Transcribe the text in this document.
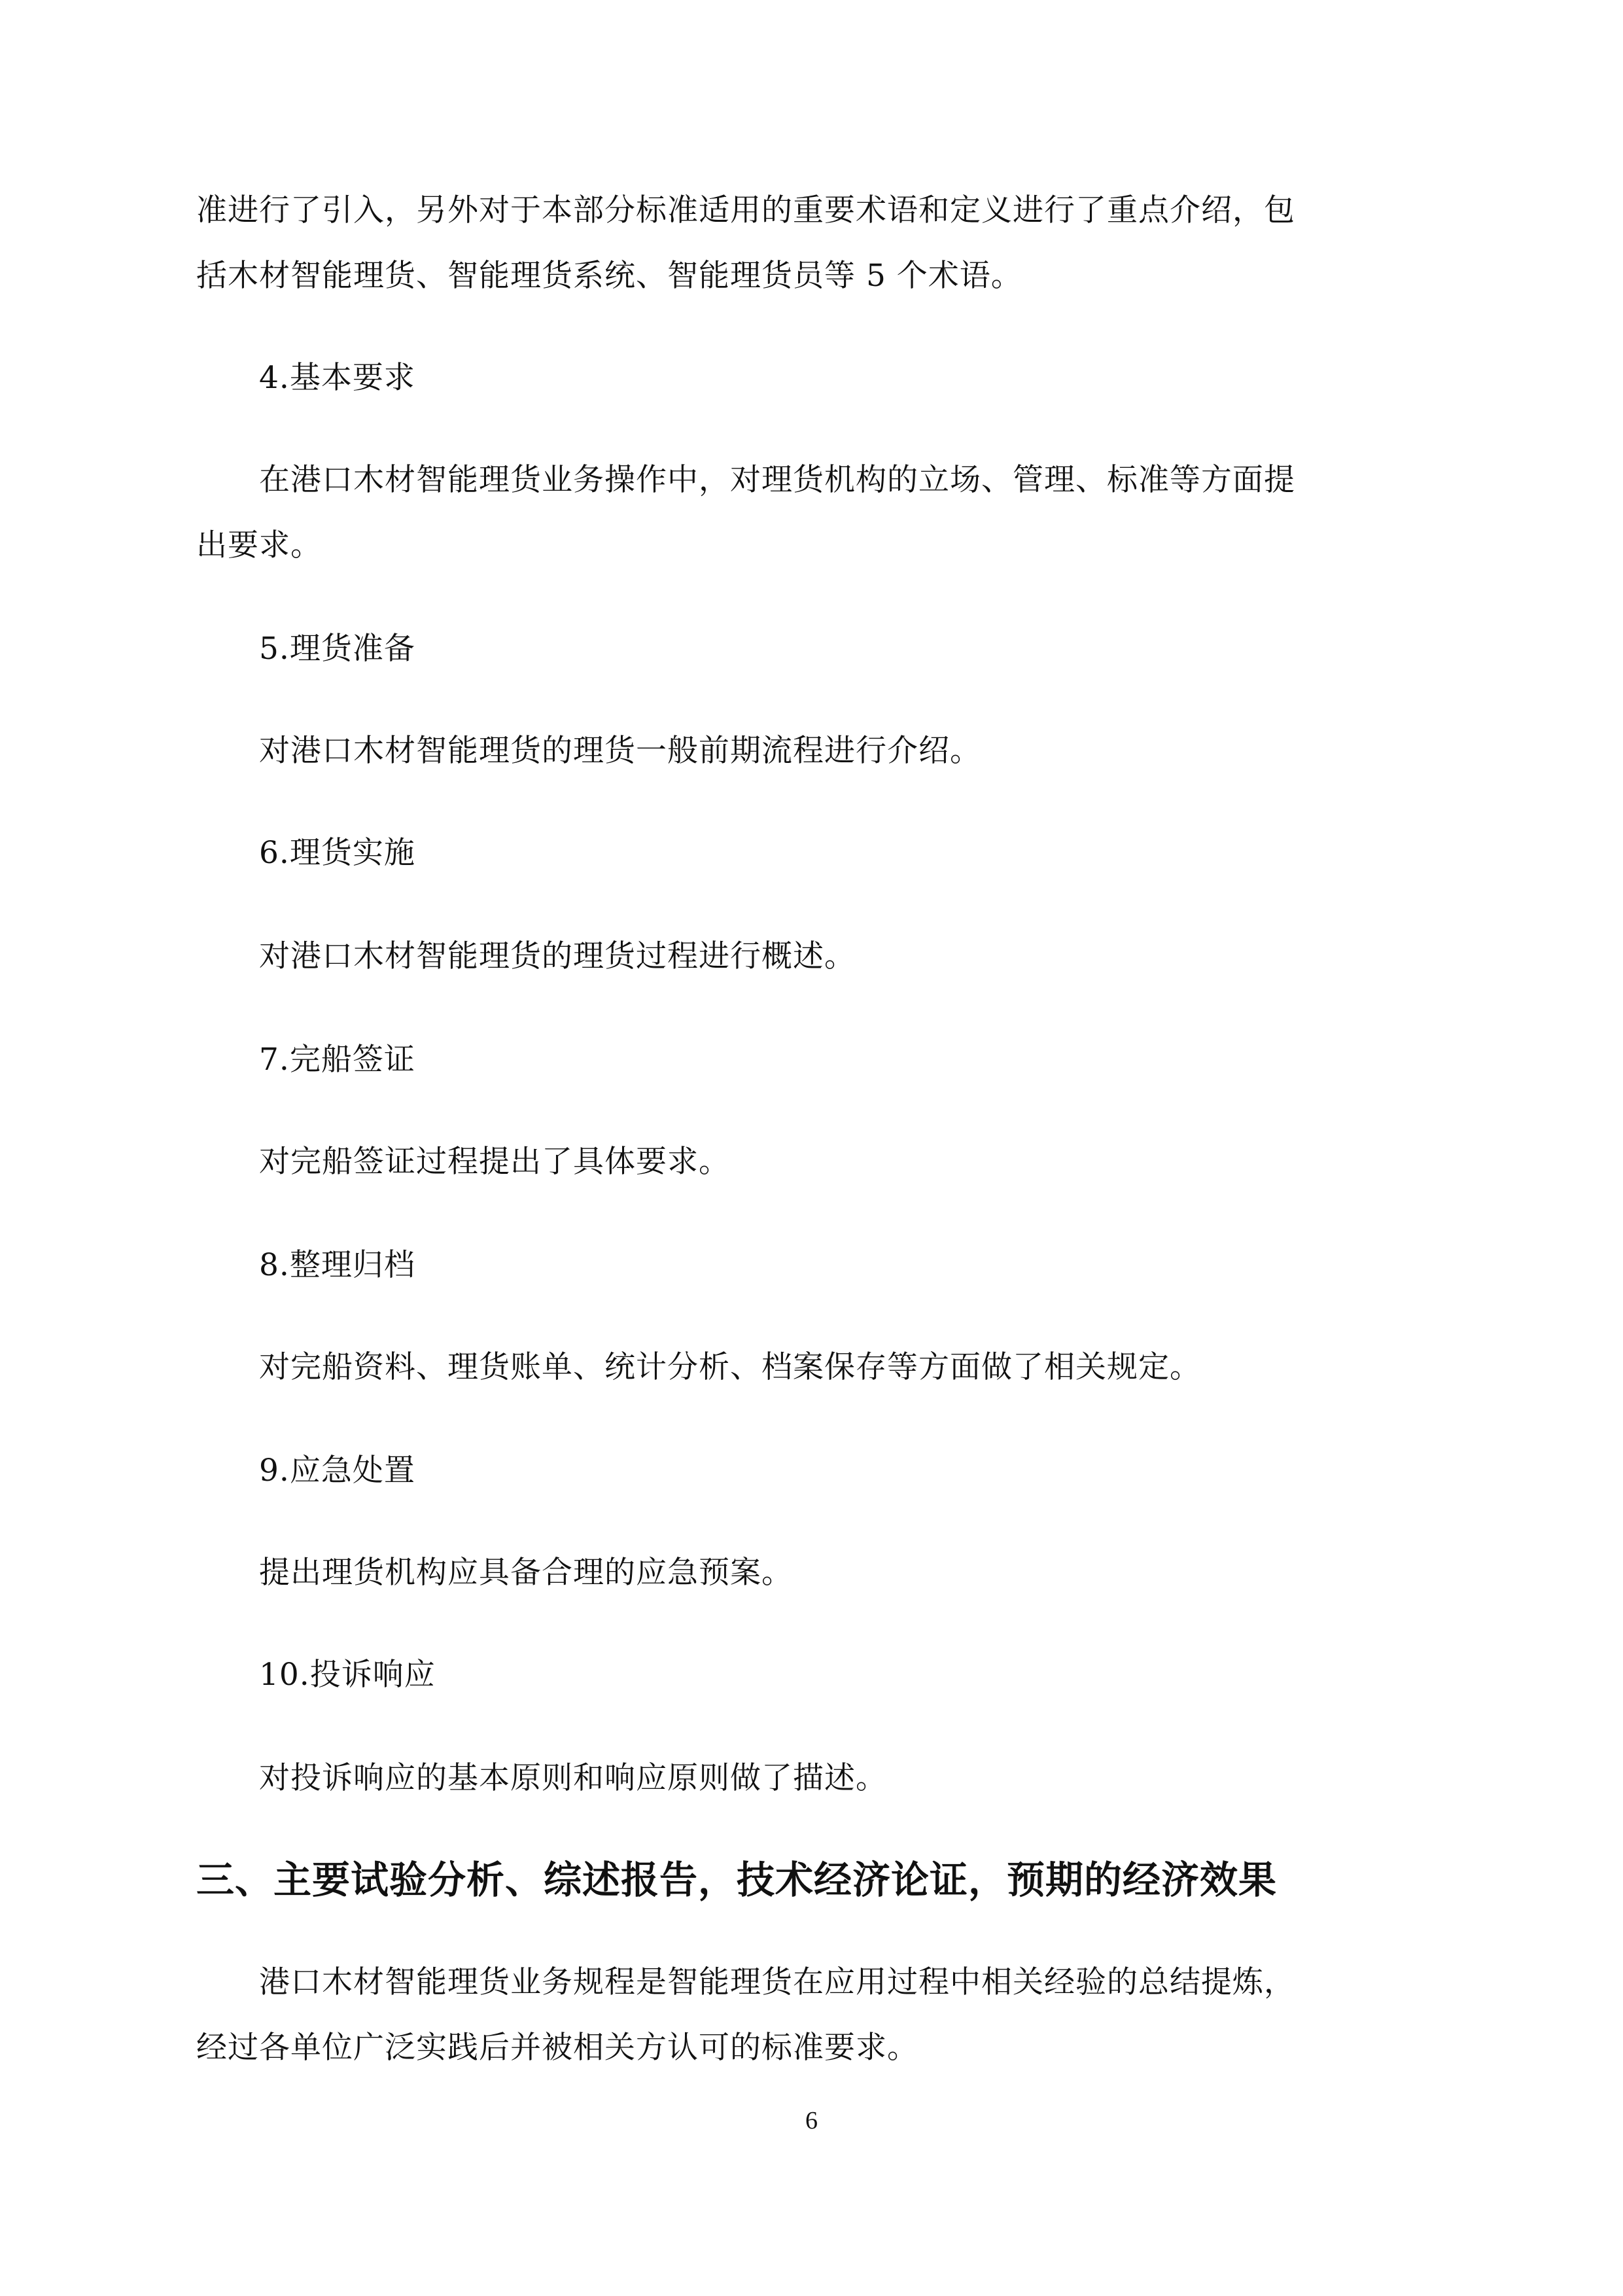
准进行了引入，另外对于本部分标准适用的重要术语和定义进行了重点介绍，包

括木材智能理货、智能理货系统、智能理货员等 5 个术语。

4.基本要求

在港口木材智能理货业务操作中，对理货机构的立场、管理、标准等方面提

出要求。

5.理货准备

对港口木材智能理货的理货一般前期流程进行介绍。

6.理货实施

对港口木材智能理货的理货过程进行概述。

7.完船签证

对完船签证过程提出了具体要求。

8.整理归档

对完船资料、理货账单、统计分析、档案保存等方面做了相关规定。

9.应急处置

提出理货机构应具备合理的应急预案。

10.投诉响应

对投诉响应的基本原则和响应原则做了描述。

三、主要试验分析、综述报告，技术经济论证，预期的经济效果

港口木材智能理货业务规程是智能理货在应用过程中相关经验的总结提炼，

经过各单位广泛实践后并被相关方认可的标准要求。

6
